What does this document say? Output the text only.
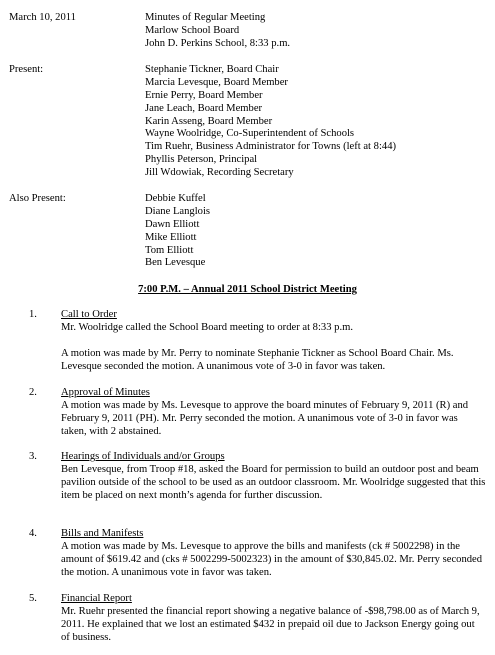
March 10, 2011	Minutes of Regular Meeting
Marlow School Board
John D. Perkins School, 8:33 p.m.
Present:	Stephanie Tickner, Board Chair
Marcia Levesque, Board Member
Ernie Perry, Board Member
Jane Leach, Board Member
Karin Asseng, Board Member
Wayne Woolridge, Co-Superintendent of Schools
Tim Ruehr, Business Administrator for Towns (left at 8:44)
Phyllis Peterson, Principal
Jill Wdowiak, Recording Secretary
Also Present:	Debbie Kuffel
Diane Langlois
Dawn Elliott
Mike Elliott
Tom Elliott
Ben Levesque
7:00 P.M. – Annual 2011 School District Meeting
1. Call to Order
Mr. Woolridge called the School Board meeting to order at 8:33 p.m.
A motion was made by Mr. Perry to nominate Stephanie Tickner as School Board Chair. Ms. Levesque seconded the motion. A unanimous vote of 3-0 in favor was taken.
2. Approval of Minutes
A motion was made by Ms. Levesque to approve the board minutes of February 9, 2011 (R) and February 9, 2011 (PH). Mr. Perry seconded the motion. A unanimous vote of 3-0 in favor was taken, with 2 abstained.
3. Hearings of Individuals and/or Groups
Ben Levesque, from Troop #18, asked the Board for permission to build an outdoor post and beam pavilion outside of the school to be used as an outdoor classroom. Mr. Woolridge suggested that this item be placed on next month’s agenda for further discussion.
4. Bills and Manifests
A motion was made by Ms. Levesque to approve the bills and manifests (ck # 5002298) in the amount of $619.42 and (cks # 5002299-5002323) in the amount of $30,845.02. Mr. Perry seconded the motion. A unanimous vote in favor was taken.
5. Financial Report
Mr. Ruehr presented the financial report showing a negative balance of -$98,798.00 as of March 9, 2011. He explained that we lost an estimated $432 in prepaid oil due to Jackson Energy going out of business.
